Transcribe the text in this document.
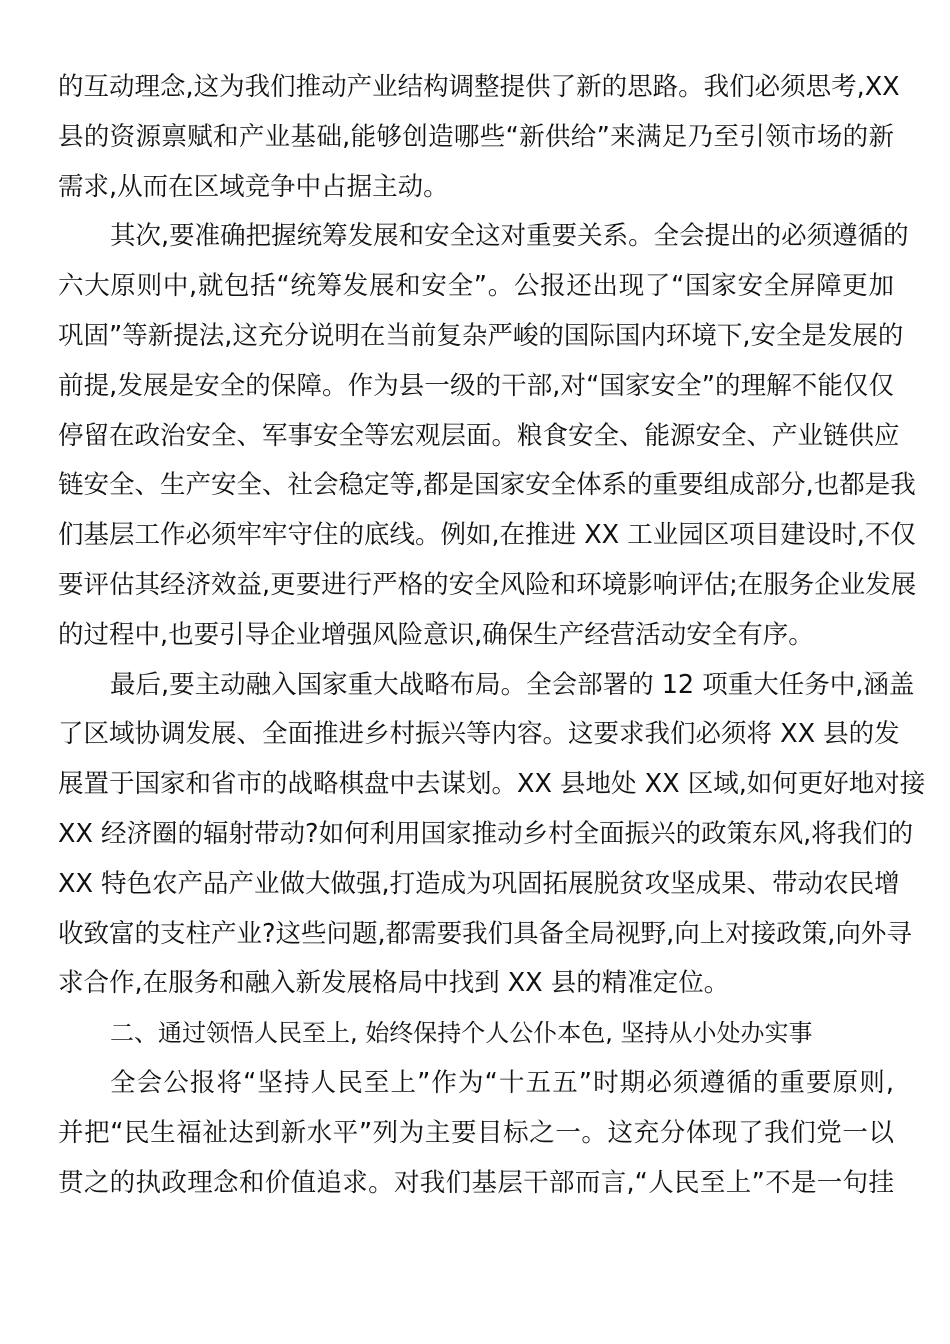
的互动理念,这为我们推动产业结构调整提供了新的思路。我们必须思考,XX
县的资源禀赋和产业基础,能够创造哪些“新供给”来满足乃至引领市场的新
需求,从而在区域竞争中占据主动。
其次,要准确把握统筹发展和安全这对重要关系。全会提出的必须遵循的
六大原则中,就包括“统筹发展和安全”。公报还出现了“国家安全屏障更加
巩固”等新提法,这充分说明在当前复杂严峻的国际国内环境下,安全是发展的
前提,发展是安全的保障。作为县一级的干部,对“国家安全”的理解不能仅仅
停留在政治安全、军事安全等宏观层面。粮食安全、能源安全、产业链供应
链安全、生产安全、社会稳定等,都是国家安全体系的重要组成部分,也都是我
们基层工作必须牢牢守住的底线。例如,在推进 XX 工业园区项目建设时,不仅
要评估其经济效益,更要进行严格的安全风险和环境影响评估;在服务企业发展
的过程中,也要引导企业增强风险意识,确保生产经营活动安全有序。
最后,要主动融入国家重大战略布局。全会部署的 12 项重大任务中,涵盖
了区域协调发展、全面推进乡村振兴等内容。这要求我们必须将 XX 县的发
展置于国家和省市的战略棋盘中去谋划。XX 县地处 XX 区域,如何更好地对接
XX 经济圈的辐射带动?如何利用国家推动乡村全面振兴的政策东风,将我们的
XX 特色农产品产业做大做强,打造成为巩固拓展脱贫攻坚成果、带动农民增
收致富的支柱产业?这些问题,都需要我们具备全局视野,向上对接政策,向外寻
求合作,在服务和融入新发展格局中找到 XX 县的精准定位。
二、通过领悟人民至上, 始终保持个人公仆本色, 坚持从小处办实事
全会公报将“坚持人民至上”作为“十五五”时期必须遵循的重要原则,
并把“民生福祉达到新水平”列为主要目标之一。这充分体现了我们党一以
贯之的执政理念和价值追求。对我们基层干部而言,“人民至上”不是一句挂
